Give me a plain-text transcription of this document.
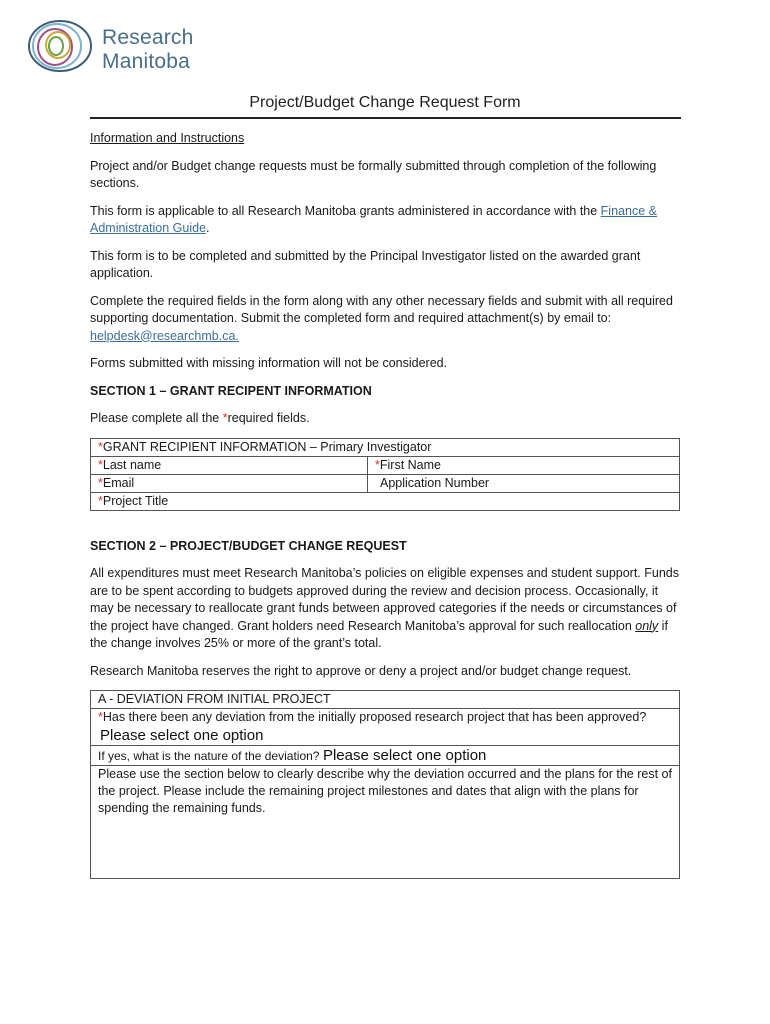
Research
Manitoba
Project/Budget Change Request Form

Information and Instructions

Project and/or Budget change requests must be formally submitted through completion of the following sections.

This form is applicable to all Research Manitoba grants administered in accordance with the Finance & Administration Guide.

This form is to be completed and submitted by the Principal Investigator listed on the awarded grant application.

Complete the required fields in the form along with any other necessary fields and submit with all required supporting documentation. Submit the completed form and required attachment(s) by email to: helpdesk@researchmb.ca.

Forms submitted with missing information will not be considered.

SECTION 1 – GRANT RECIPENT INFORMATION

Please complete all the *required fields.

*GRANT RECIPIENT INFORMATION – Primary Investigator	
*Last name	*First Name
*Email	Application Number
*Project Title	

SECTION 2 – PROJECT/BUDGET CHANGE REQUEST

All expenditures must meet Research Manitoba’s policies on eligible expenses and student support. Funds are to be spent according to budgets approved during the review and decision process. Occasionally, it may be necessary to reallocate grant funds between approved categories if the needs or circumstances of the project have changed. Grant holders need Research Manitoba’s approval for such reallocation only if the change involves 25% or more of the grant’s total.

Research Manitoba reserves the right to approve or deny a project and/or budget change request.

A - DEVIATION FROM INITIAL PROJECT
*Has there been any deviation from the initially proposed research project that has been approved?
Please select one option

If yes, what is the nature of the deviation? Please select one option
Please use the section below to clearly describe why the deviation occurred and the plans for the rest of the project. Please include the remaining project milestones and dates that align with the plans for spending the remaining funds.
